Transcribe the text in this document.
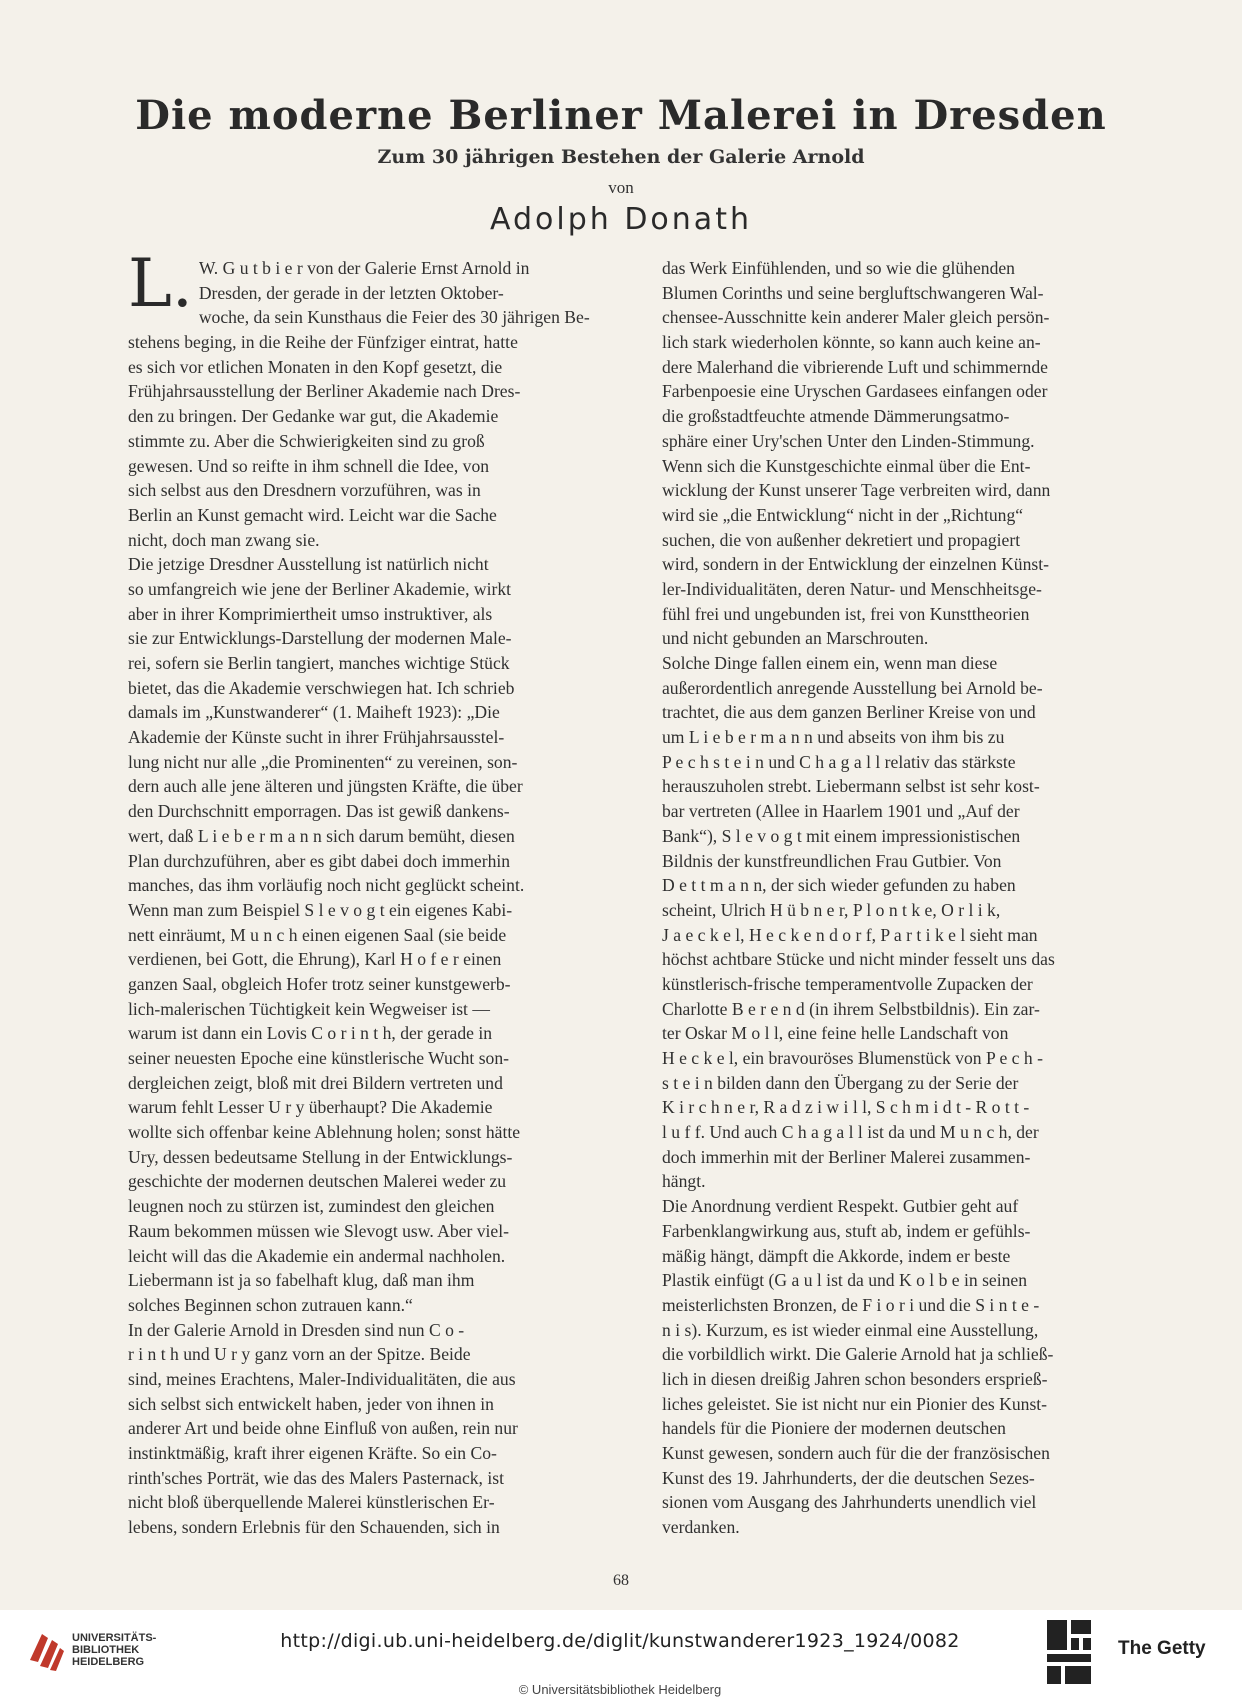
Die moderne Berliner Malerei in Dresden
Zum 30 jährigen Bestehen der Galerie Arnold
von
Adolph Donath
L. W. G u t b i e r von der Galerie Ernst Arnold in
Dresden, der gerade in der letzten Oktober-
woche, da sein Kunsthaus die Feier des 30 jährigen Be-
stehens beging, in die Reihe der Fünfziger eintrat, hatte
es sich vor etlichen Monaten in den Kopf gesetzt, die
Frühjahrsausstellung der Berliner Akademie nach Dres-
den zu bringen. Der Gedanke war gut, die Akademie
stimmte zu. Aber die Schwierigkeiten sind zu groß
gewesen. Und so reifte in ihm schnell die Idee, von
sich selbst aus den Dresdnern vorzuführen, was in
Berlin an Kunst gemacht wird. Leicht war die Sache
nicht, doch man zwang sie.
Die jetzige Dresdner Ausstellung ist natürlich nicht
so umfangreich wie jene der Berliner Akademie, wirkt
aber in ihrer Komprimiertheit umso instruktiver, als
sie zur Entwicklungs-Darstellung der modernen Male-
rei, sofern sie Berlin tangiert, manches wichtige Stück
bietet, das die Akademie verschwiegen hat. Ich schrieb
damals im „Kunstwanderer“ (1. Maiheft 1923): „Die
Akademie der Künste sucht in ihrer Frühjahrsausstel-
lung nicht nur alle „die Prominenten“ zu vereinen, son-
dern auch alle jene älteren und jüngsten Kräfte, die über
den Durchschnitt emporragen. Das ist gewiß dankens-
wert, daß L i e b e r m a n n sich darum bemüht, diesen
Plan durchzuführen, aber es gibt dabei doch immerhin
manches, das ihm vorläufig noch nicht geglückt scheint.
Wenn man zum Beispiel S l e v o g t ein eigenes Kabi-
nett einräumt, M u n c h einen eigenen Saal (sie beide
verdienen, bei Gott, die Ehrung), Karl H o f e r einen
ganzen Saal, obgleich Hofer trotz seiner kunstgewerb-
lich-malerischen Tüchtigkeit kein Wegweiser ist —
warum ist dann ein Lovis C o r i n t h, der gerade in
seiner neuesten Epoche eine künstlerische Wucht son-
dergleichen zeigt, bloß mit drei Bildern vertreten und
warum fehlt Lesser U r y überhaupt? Die Akademie
wollte sich offenbar keine Ablehnung holen; sonst hätte
Ury, dessen bedeutsame Stellung in der Entwicklungs-
geschichte der modernen deutschen Malerei weder zu
leugnen noch zu stürzen ist, zumindest den gleichen
Raum bekommen müssen wie Slevogt usw. Aber viel-
leicht will das die Akademie ein andermal nachholen.
Liebermann ist ja so fabelhaft klug, daß man ihm
solches Beginnen schon zutrauen kann.“
In der Galerie Arnold in Dresden sind nun C o -
r i n t h und U r y ganz vorn an der Spitze. Beide
sind, meines Erachtens, Maler-Individualitäten, die aus
sich selbst sich entwickelt haben, jeder von ihnen in
anderer Art und beide ohne Einfluß von außen, rein nur
instinktmäßig, kraft ihrer eigenen Kräfte. So ein Co-
rinth'sches Porträt, wie das des Malers Pasternack, ist
nicht bloß überquellende Malerei künstlerischen Er-
lebens, sondern Erlebnis für den Schauenden, sich in
das Werk Einfühlenden, und so wie die glühenden
Blumen Corinths und seine bergluftschwangeren Wal-
chensee-Ausschnitte kein anderer Maler gleich persön-
lich stark wiederholen könnte, so kann auch keine an-
dere Malerhand die vibrierende Luft und schimmernde
Farbenpoesie eine Uryschen Gardasees einfangen oder
die großstadtfeuchte atmende Dämmerungsatmo-
sphäre einer Ury'schen Unter den Linden-Stimmung.
Wenn sich die Kunstgeschichte einmal über die Ent-
wicklung der Kunst unserer Tage verbreiten wird, dann
wird sie „die Entwicklung“ nicht in der „Richtung“
suchen, die von außenher dekretiert und propagiert
wird, sondern in der Entwicklung der einzelnen Künst-
ler-Individualitäten, deren Natur- und Menschheitsge-
fühl frei und ungebunden ist, frei von Kunsttheorien
und nicht gebunden an Marschrouten.
Solche Dinge fallen einem ein, wenn man diese
außerordentlich anregende Ausstellung bei Arnold be-
trachtet, die aus dem ganzen Berliner Kreise von und
um L i e b e r m a n n und abseits von ihm bis zu
P e c h s t e i n und C h a g a l l relativ das stärkste
herauszuholen strebt. Liebermann selbst ist sehr kost-
bar vertreten (Allee in Haarlem 1901 und „Auf der
Bank“), S l e v o g t mit einem impressionistischen
Bildnis der kunstfreundlichen Frau Gutbier. Von
D e t t m a n n, der sich wieder gefunden zu haben
scheint, Ulrich H ü b n e r, P l o n t k e, O r l i k,
J a e c k e l, H e c k e n d o r f, P a r t i k e l sieht man
höchst achtbare Stücke und nicht minder fesselt uns das
künstlerisch-frische temperamentvolle Zupacken der
Charlotte B e r e n d (in ihrem Selbstbildnis). Ein zar-
ter Oskar M o l l, eine feine helle Landschaft von
H e c k e l, ein bravouröses Blumenstück von P e c h -
s t e i n bilden dann den Übergang zu der Serie der
K i r c h n e r, R a d z i w i l l, S c h m i d t - R o t t -
l u f f. Und auch C h a g a l l ist da und M u n c h, der
doch immerhin mit der Berliner Malerei zusammen-
hängt.
Die Anordnung verdient Respekt. Gutbier geht auf
Farbenklangwirkung aus, stuft ab, indem er gefühls-
mäßig hängt, dämpft die Akkorde, indem er beste
Plastik einfügt (G a u l ist da und K o l b e in seinen
meisterlichsten Bronzen, de F i o r i und die S i n t e -
n i s). Kurzum, es ist wieder einmal eine Ausstellung,
die vorbildlich wirkt. Die Galerie Arnold hat ja schließ-
lich in diesen dreißig Jahren schon besonders ersprieß-
liches geleistet. Sie ist nicht nur ein Pionier des Kunst-
handels für die Pioniere der modernen deutschen
Kunst gewesen, sondern auch für die der französischen
Kunst des 19. Jahrhunderts, der die deutschen Sezes-
sionen vom Ausgang des Jahrhunderts unendlich viel
verdanken.
68
UNIVERSITÄTS-
BIBLIOTHEK
HEIDELBERG
http://digi.ub.uni-heidelberg.de/diglit/kunstwanderer1923_1924/0082
© Universitätsbibliothek Heidelberg
The Getty
